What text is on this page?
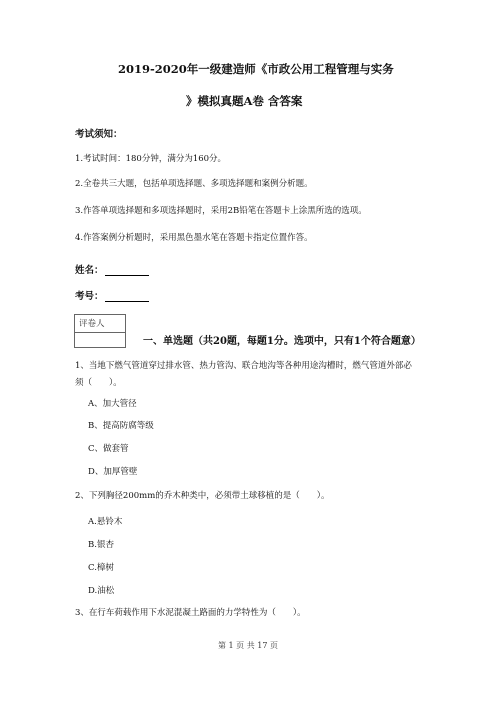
2019-2020年一级建造师《市政公用工程管理与实务
》模拟真题A卷 含答案
考试须知：
1.考试时间：180分钟，满分为160分。
2.全卷共三大题，包括单项选择题、多项选择题和案例分析题。
3.作答单项选择题和多项选择题时，采用2B铅笔在答题卡上涂黑所选的选项。
4.作答案例分析题时，采用黑色墨水笔在答题卡指定位置作答。
姓名：
考号：
评卷人
一、单选题（共20题，每题1分。选项中，只有1个符合题意）
1、当地下燃气管道穿过排水管、热力管沟、联合地沟等各种用途沟槽时，燃气管道外部必
须（　　）。
A、加大管径
B、提高防腐等级
C、做套管
D、加厚管壁
2、下列胸径200mm的乔木种类中，必须带土球移植的是（　　）。
A.悬铃木
B.银杏
C.樟树
D.油松
3、在行车荷载作用下水泥混凝土路面的力学特性为（　　）。
第 1 页 共 17 页
